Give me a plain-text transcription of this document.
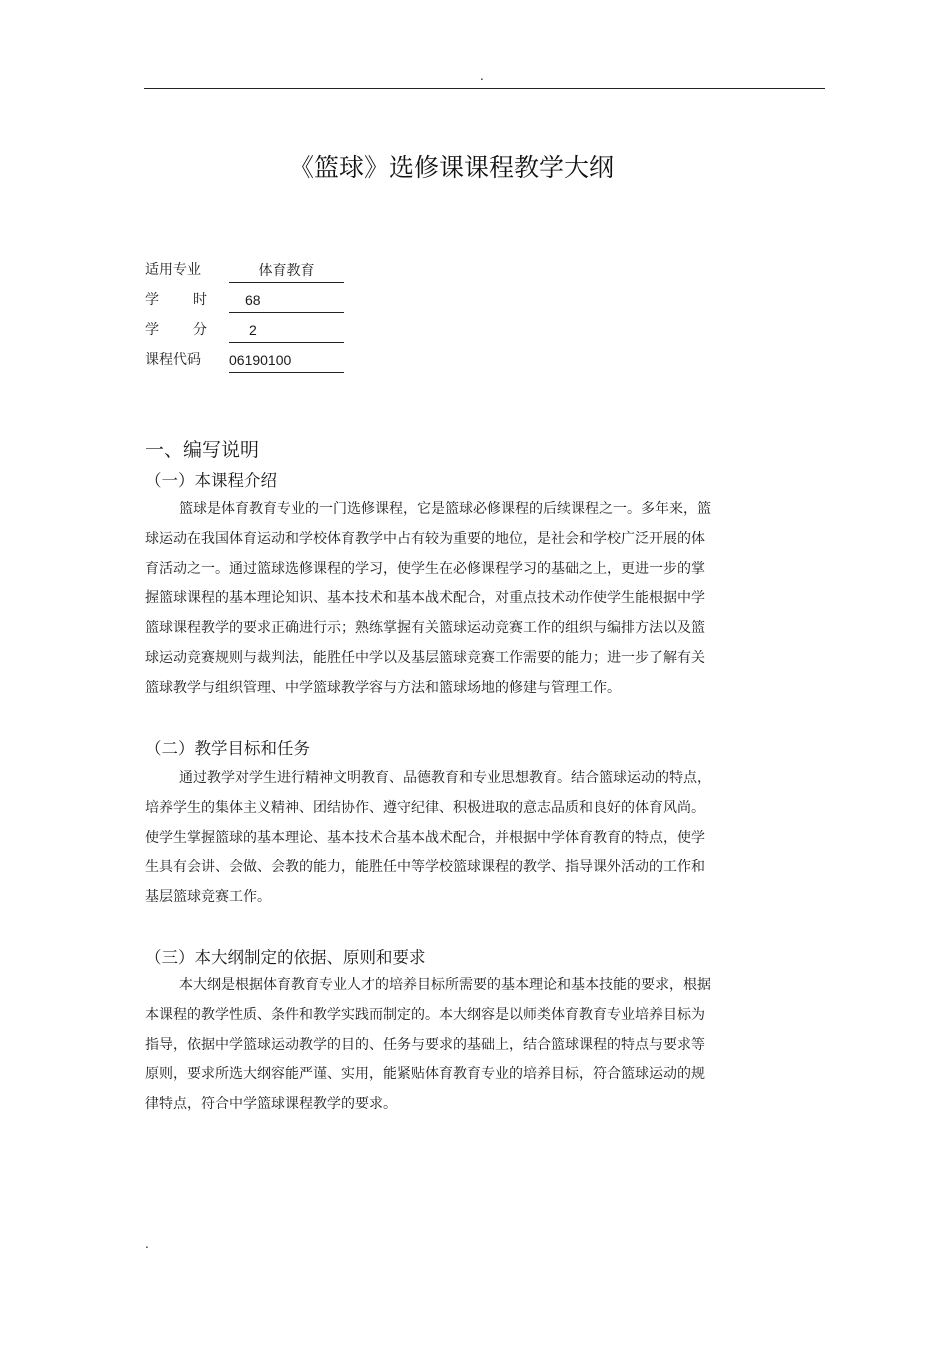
.
《篮球》选修课课程教学大纲
适用专业	体育教育
学 时	68
学 分	2
课程代码 06190100
一、编写说明
（一）本课程介绍
篮球是体育教育专业的一门选修课程，它是篮球必修课程的后续课程之一。多年来，篮
球运动在我国体育运动和学校体育教学中占有较为重要的地位，是社会和学校广泛开展的体
育活动之一。通过篮球选修课程的学习，使学生在必修课程学习的基础之上，更进一步的掌
握篮球课程的基本理论知识、基本技术和基本战术配合，对重点技术动作使学生能根据中学
篮球课程教学的要求正确进行示；熟练掌握有关篮球运动竞赛工作的组织与编排方法以及篮
球运动竞赛规则与裁判法，能胜任中学以及基层篮球竞赛工作需要的能力；进一步了解有关
篮球教学与组织管理、中学篮球教学容与方法和篮球场地的修建与管理工作。
（二）教学目标和任务
通过教学对学生进行精神文明教育、品德教育和专业思想教育。结合篮球运动的特点，
培养学生的集体主义精神、团结协作、遵守纪律、积极进取的意志品质和良好的体育风尚。
使学生掌握篮球的基本理论、基本技术合基本战术配合，并根据中学体育教育的特点，使学
生具有会讲、会做、会教的能力，能胜任中等学校篮球课程的教学、指导课外活动的工作和
基层篮球竞赛工作。
（三）本大纲制定的依据、原则和要求
本大纲是根据体育教育专业人才的培养目标所需要的基本理论和基本技能的要求，根据
本课程的教学性质、条件和教学实践而制定的。本大纲容是以师类体育教育专业培养目标为
指导，依据中学篮球运动教学的目的、任务与要求的基础上，结合篮球课程的特点与要求等
原则，要求所选大纲容能严谨、实用，能紧贴体育教育专业的培养目标，符合篮球运动的规
律特点，符合中学篮球课程教学的要求。
.
